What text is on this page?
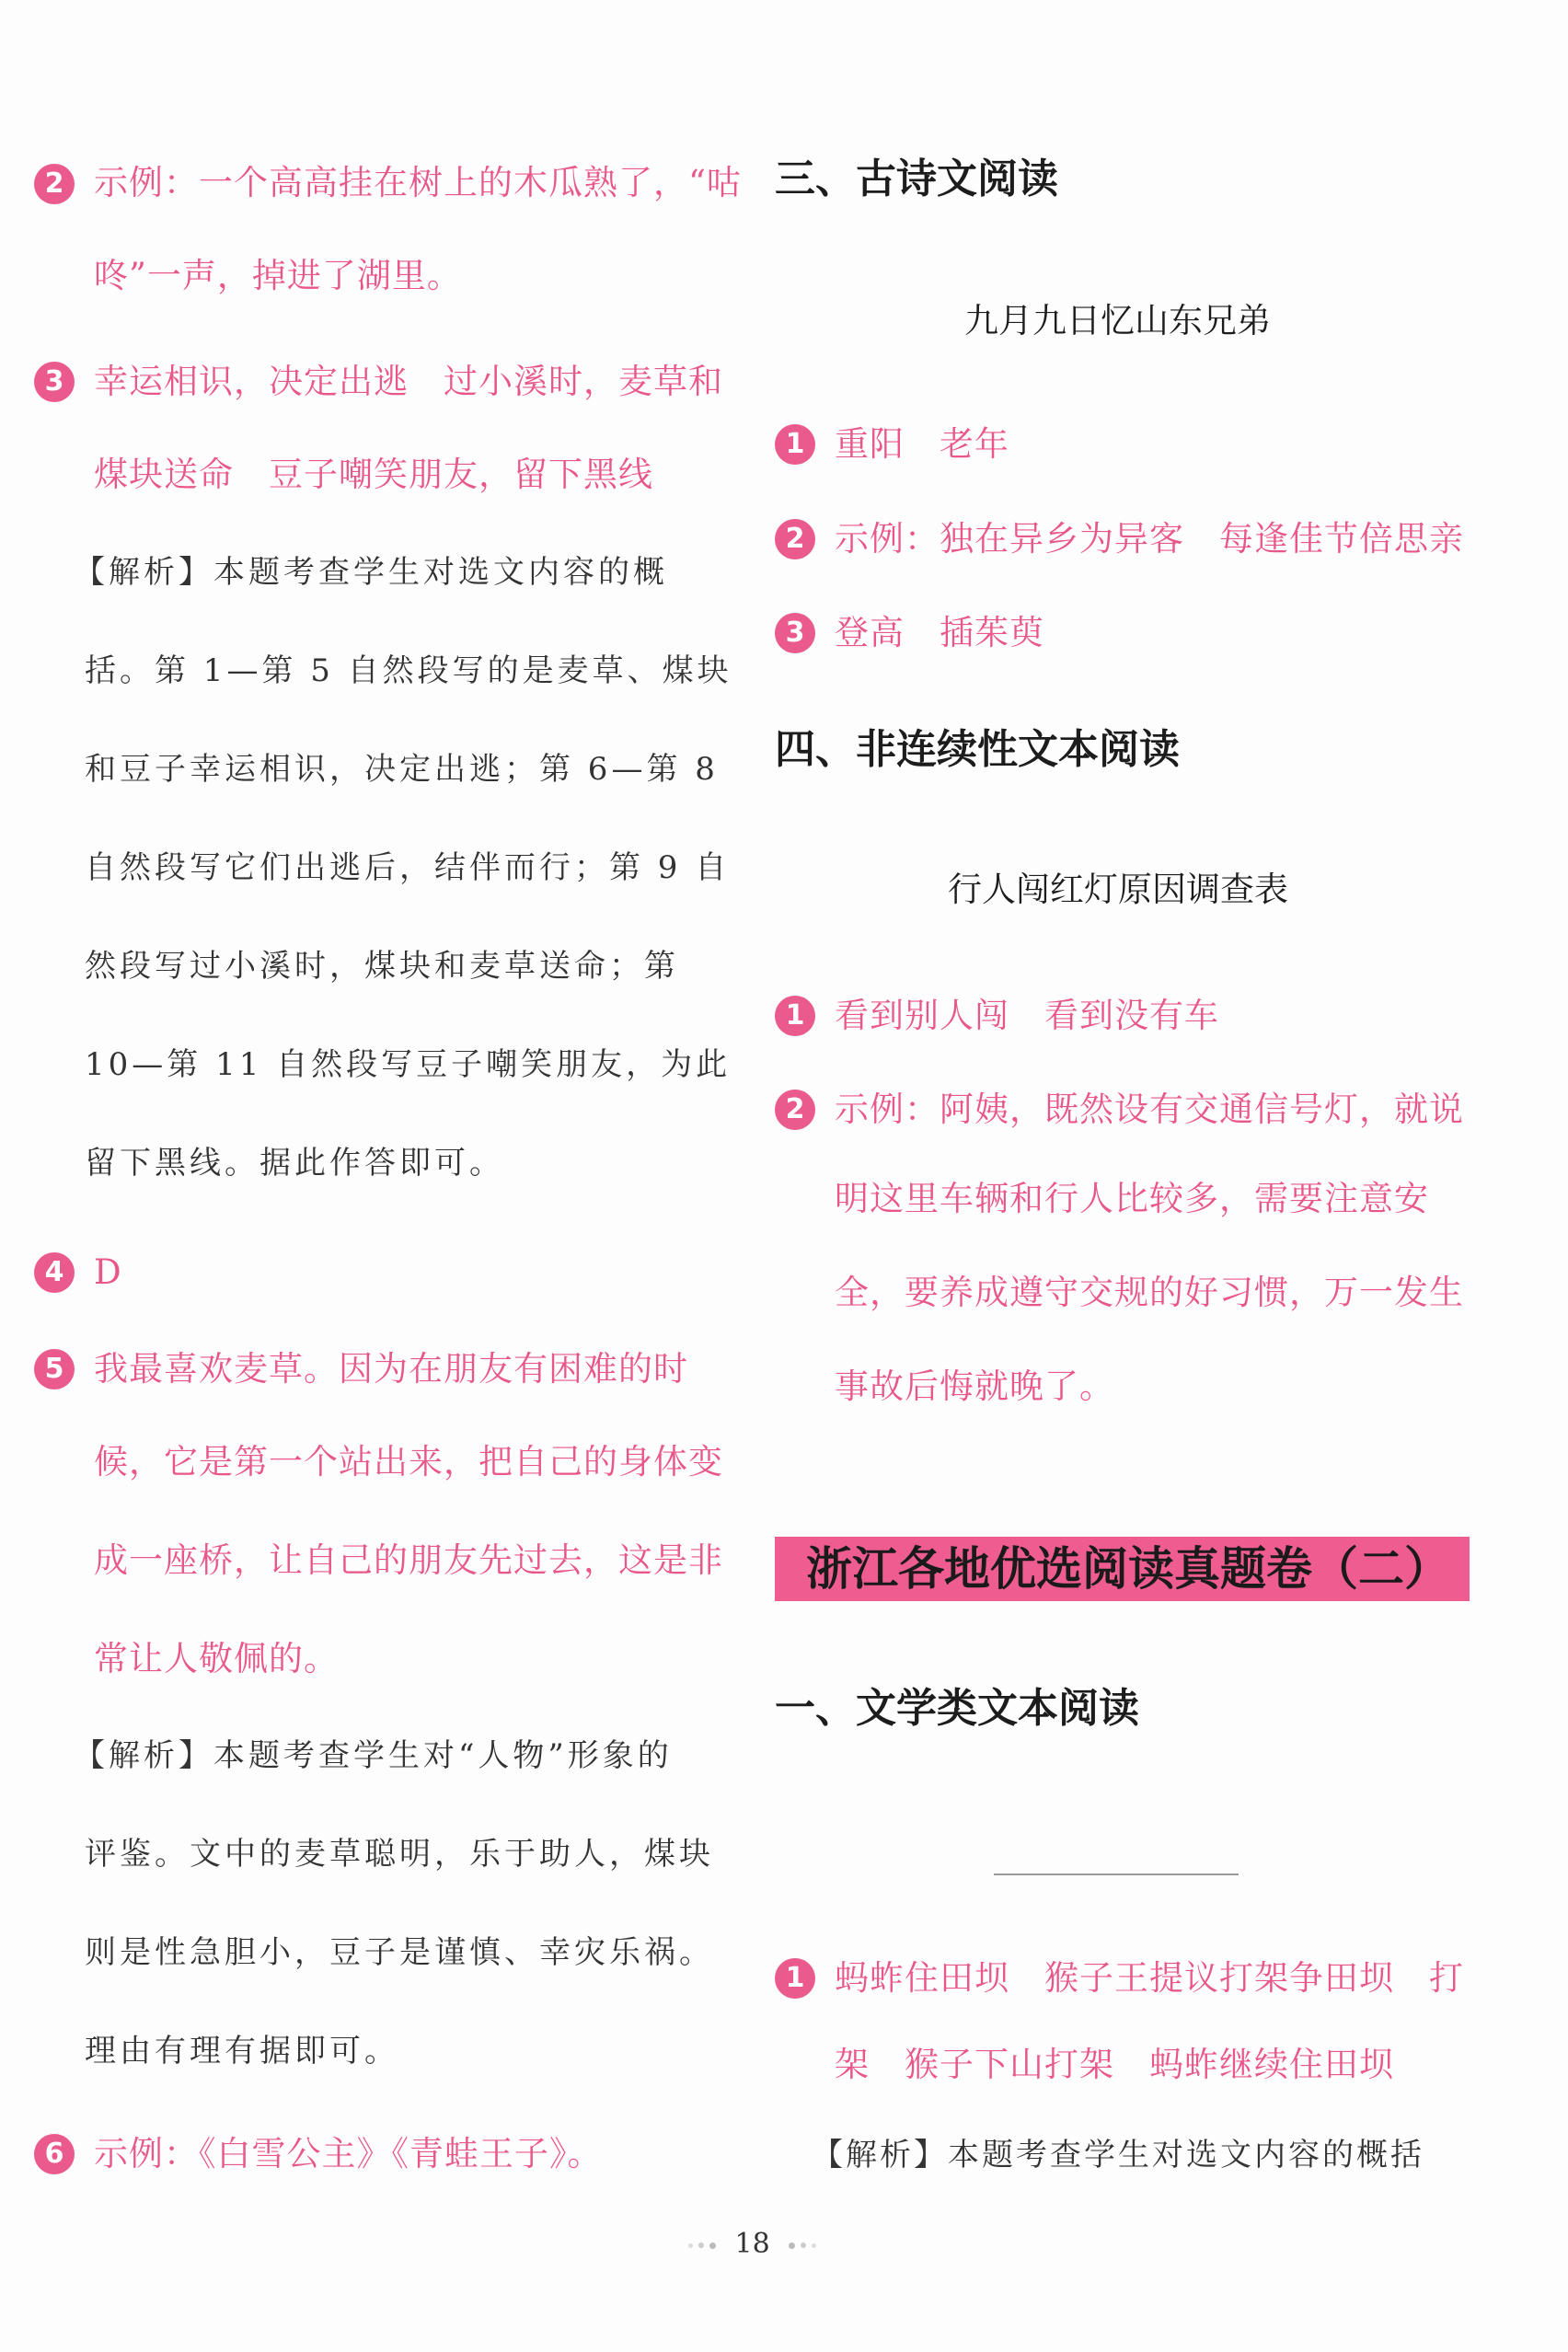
2 示例：一个高高挂在树上的木瓜熟了，“咕
咚”一声，掉进了湖里。
3 幸运相识，决定出逃　过小溪时，麦草和
煤块送命　豆子嘲笑朋友，留下黑线
【解析】本题考查学生对选文内容的概
括。第 1—第 5 自然段写的是麦草、煤块
和豆子幸运相识，决定出逃；第 6—第 8
自然段写它们出逃后，结伴而行；第 9 自
然段写过小溪时，煤块和麦草送命；第
10—第 11 自然段写豆子嘲笑朋友，为此
留下黑线。据此作答即可。
4 D
5 我最喜欢麦草。因为在朋友有困难的时
候，它是第一个站出来，把自己的身体变
成一座桥，让自己的朋友先过去，这是非
常让人敬佩的。
【解析】本题考查学生对“人物”形象的
评鉴。文中的麦草聪明，乐于助人，煤块
则是性急胆小，豆子是谨慎、幸灾乐祸。
理由有理有据即可。
6 示例：《白雪公主》《青蛙王子》。
三、古诗文阅读
九月九日忆山东兄弟
1 重阳　老年
2 示例：独在异乡为异客　每逢佳节倍思亲
3 登高　插茱萸
四、非连续性文本阅读
行人闯红灯原因调查表
1 看到别人闯　看到没有车
2 示例：阿姨，既然设有交通信号灯，就说
明这里车辆和行人比较多，需要注意安
全，要养成遵守交规的好习惯，万一发生
事故后悔就晚了。
浙江各地优选阅读真题卷（二）
一、文学类文本阅读
1 蚂蚱住田坝　猴子王提议打架争田坝　打
架　猴子下山打架　蚂蚱继续住田坝
【解析】本题考查学生对选文内容的概括
18
